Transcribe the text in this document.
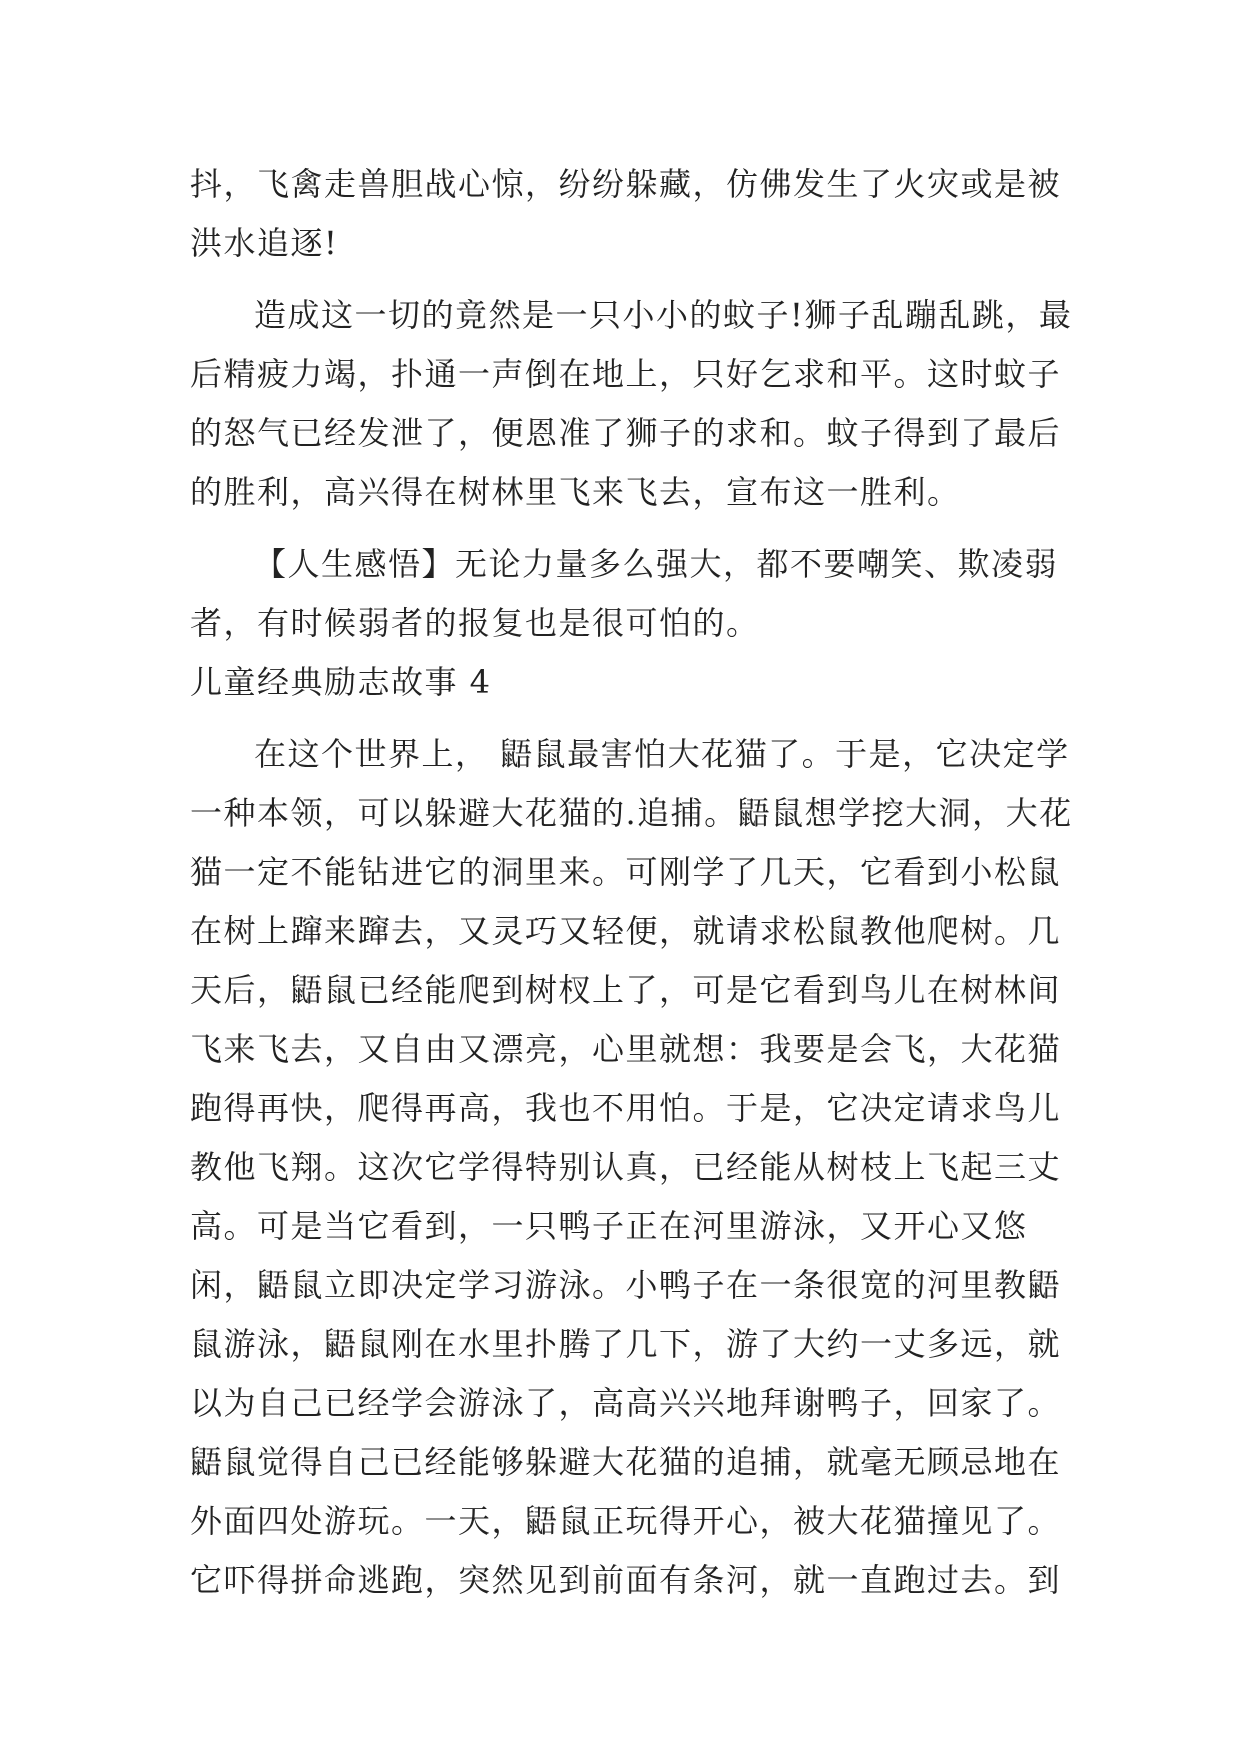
抖，飞禽走兽胆战心惊，纷纷躲藏，仿佛发生了火灾或是被洪水追逐!

造成这一切的竟然是一只小小的蚊子!狮子乱蹦乱跳，最后精疲力竭，扑通一声倒在地上，只好乞求和平。这时蚊子的怒气已经发泄了，便恩准了狮子的求和。蚊子得到了最后的胜利，高兴得在树林里飞来飞去，宣布这一胜利。

【人生感悟】无论力量多么强大，都不要嘲笑、欺凌弱者，有时候弱者的报复也是很可怕的。

儿童经典励志故事 4

在这个世界上， 鼯鼠最害怕大花猫了。于是，它决定学一种本领，可以躲避大花猫的.追捕。鼯鼠想学挖大洞，大花猫一定不能钻进它的洞里来。可刚学了几天，它看到小松鼠在树上蹿来蹿去，又灵巧又轻便，就请求松鼠教他爬树。几天后，鼯鼠已经能爬到树杈上了，可是它看到鸟儿在树林间飞来飞去，又自由又漂亮，心里就想：我要是会飞，大花猫跑得再快，爬得再高，我也不用怕。于是，它决定请求鸟儿教他飞翔。这次它学得特别认真，已经能从树枝上飞起三丈高。可是当它看到，一只鸭子正在河里游泳，又开心又悠闲，鼯鼠立即决定学习游泳。小鸭子在一条很宽的河里教鼯鼠游泳，鼯鼠刚在水里扑腾了几下，游了大约一丈多远，就以为自己已经学会游泳了，高高兴兴地拜谢鸭子，回家了。鼯鼠觉得自己已经能够躲避大花猫的追捕，就毫无顾忌地在外面四处游玩。一天，鼯鼠正玩得开心，被大花猫撞见了。它吓得拼命逃跑，突然见到前面有条河，就一直跑过去。到
